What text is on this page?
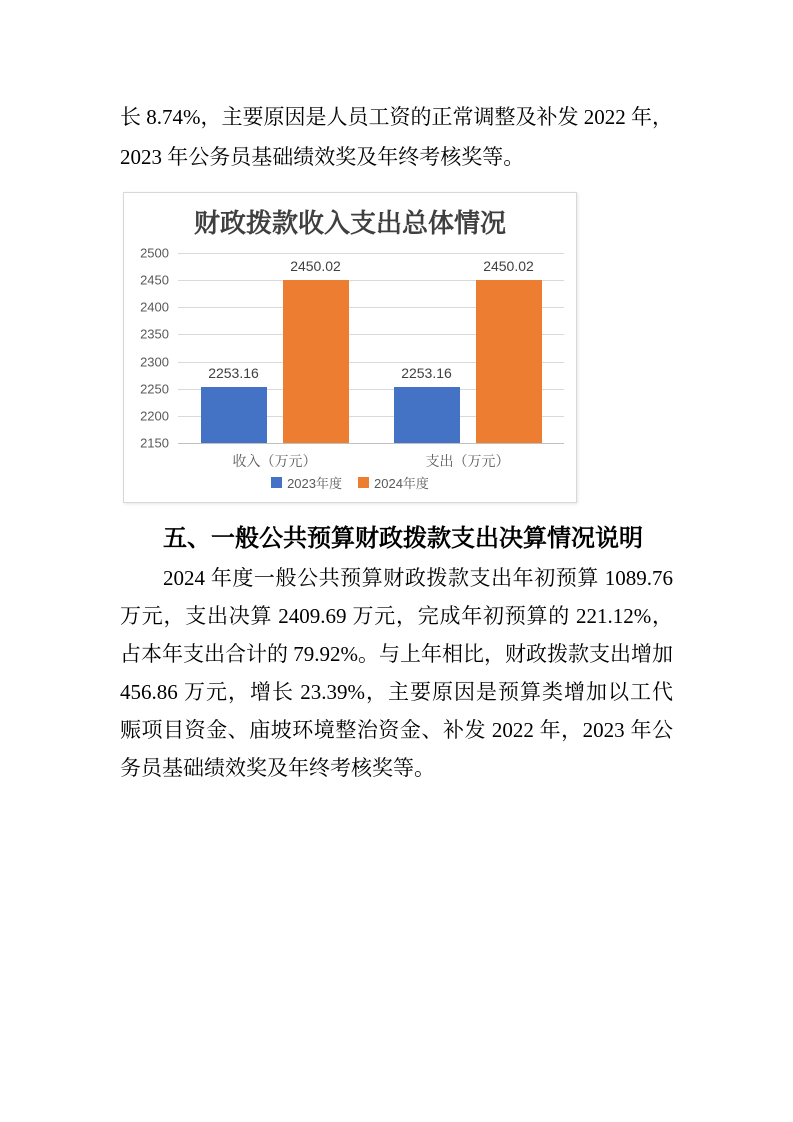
长 8.74%，主要原因是人员工资的正常调整及补发 2022 年，
2023 年公务员基础绩效奖及年终考核奖等。
财政拨款收入支出总体情况
2500
2450
2400
2350
2300
2250
2200
2150
2253.16
2450.02
收入（万元）
2253.16
2450.02
支出（万元）
2023年度 2024年度
五、一般公共预算财政拨款支出决算情况说明
2024 年度一般公共预算财政拨款支出年初预算 1089.76
万元，支出决算 2409.69 万元，完成年初预算的 221.12%，
占本年支出合计的 79.92%。与上年相比，财政拨款支出增加
456.86 万元，增长 23.39%，主要原因是预算类增加以工代
赈项目资金、庙坡环境整治资金、补发 2022 年，2023 年公
务员基础绩效奖及年终考核奖等。
